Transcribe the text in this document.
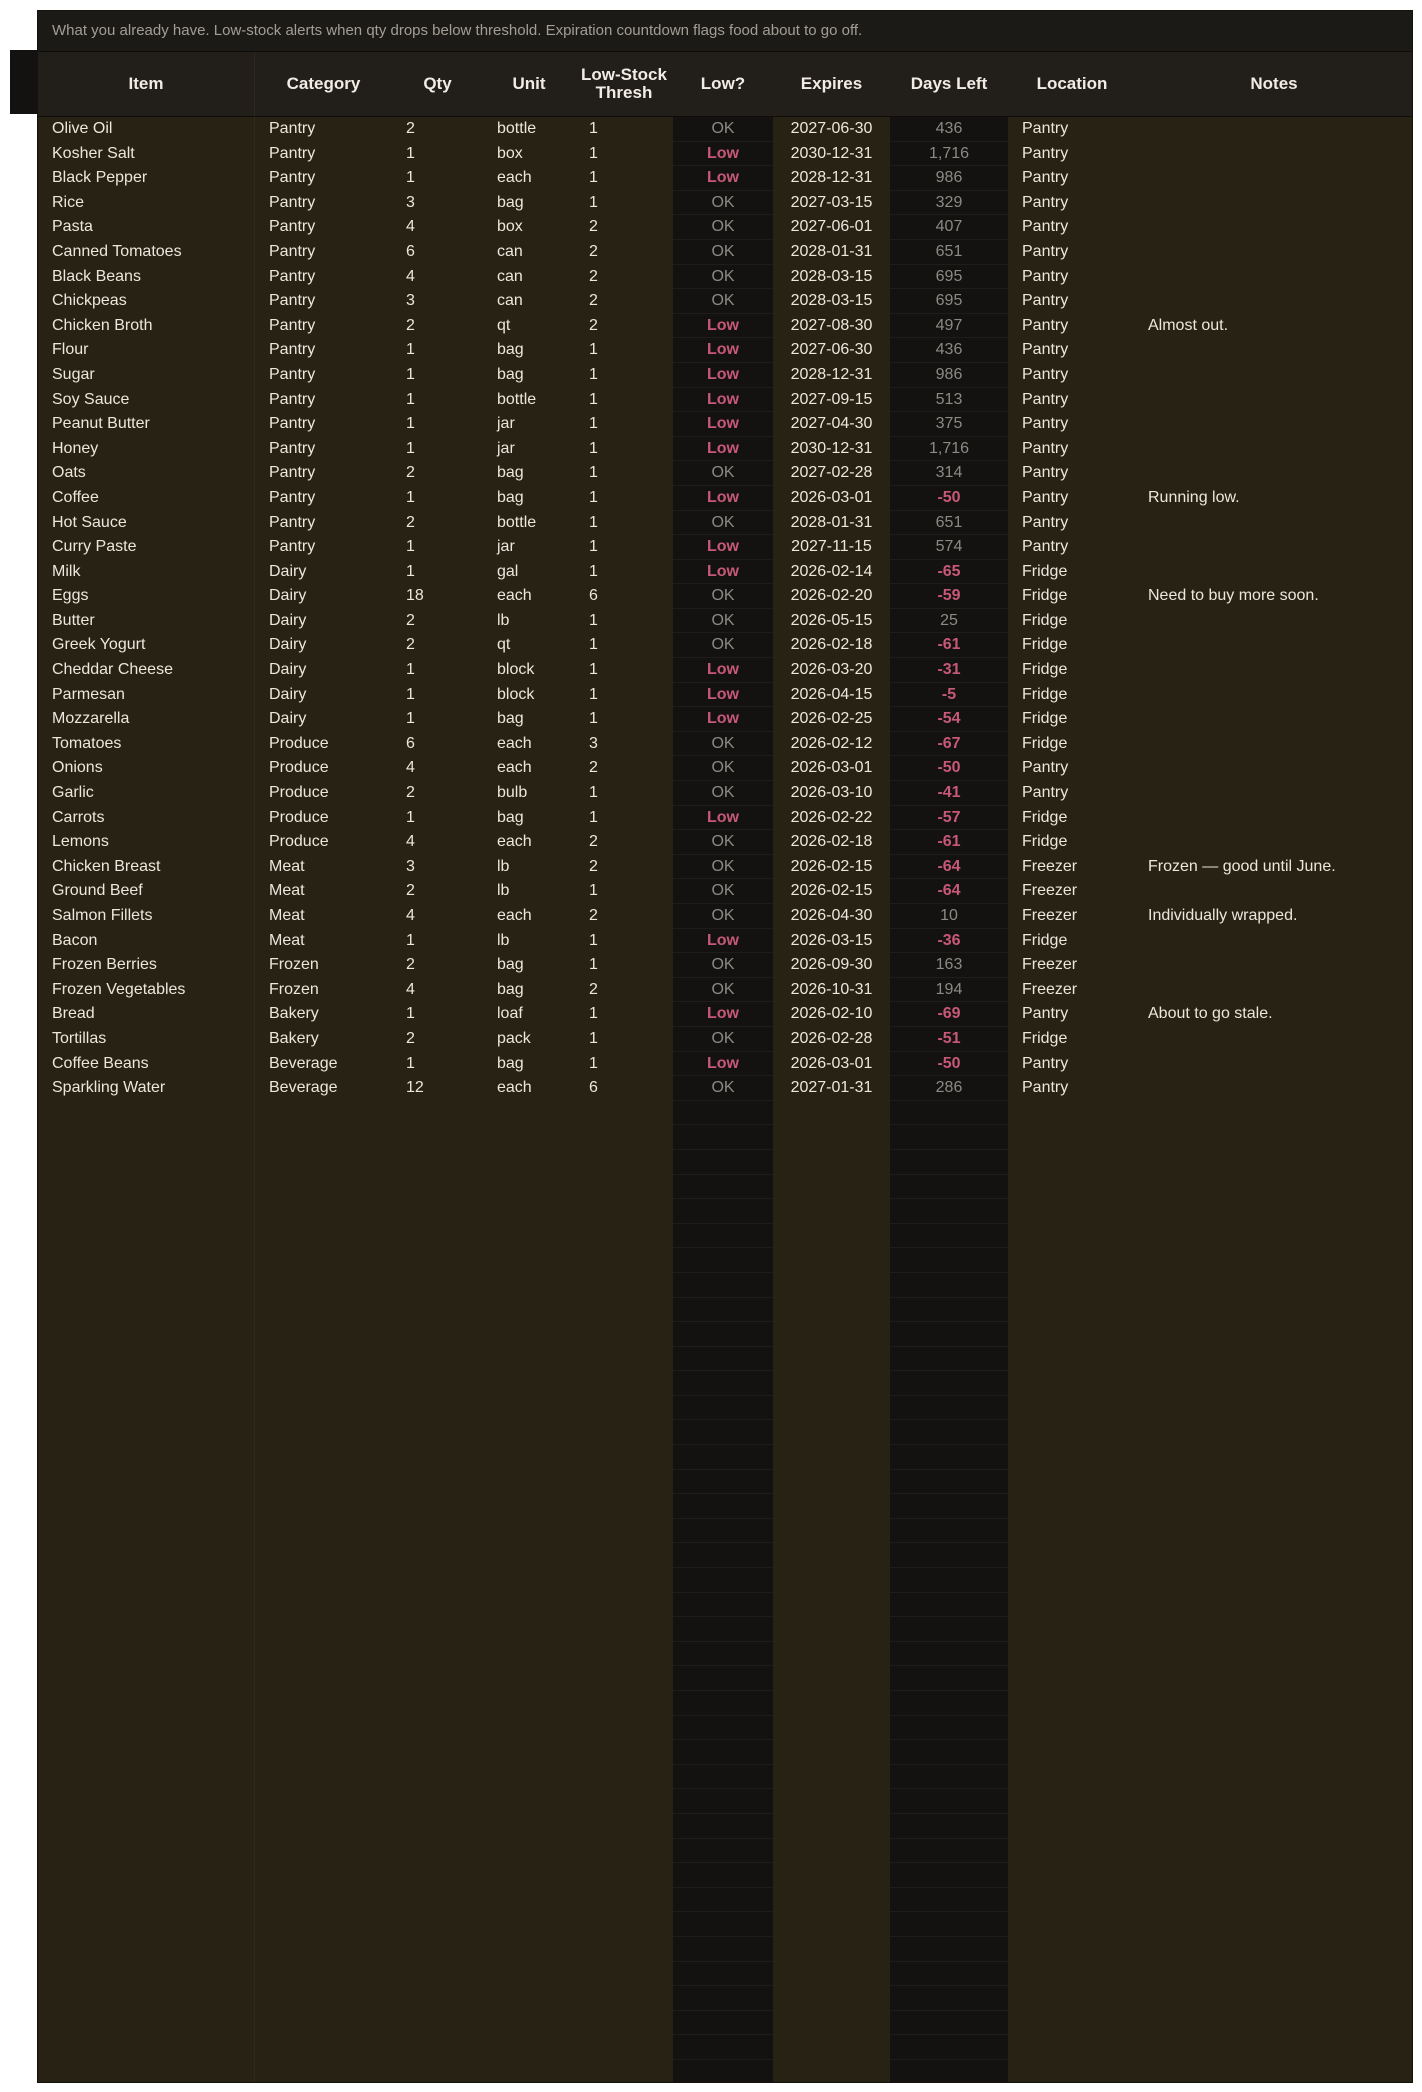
What you already have. Low-stock alerts when qty drops below threshold. Expiration countdown flags food about to go off.
Item	Category	Qty	Unit	Low-Stock Thresh	Low?	Expires	Days Left	Location	Notes
Olive Oil	Pantry	2	bottle	1	OK	2027-06-30	436	Pantry
Kosher Salt	Pantry	1	box	1	Low	2030-12-31	1,716	Pantry
Black Pepper	Pantry	1	each	1	Low	2028-12-31	986	Pantry
Rice	Pantry	3	bag	1	OK	2027-03-15	329	Pantry
Pasta	Pantry	4	box	2	OK	2027-06-01	407	Pantry
Canned Tomatoes	Pantry	6	can	2	OK	2028-01-31	651	Pantry
Black Beans	Pantry	4	can	2	OK	2028-03-15	695	Pantry
Chickpeas	Pantry	3	can	2	OK	2028-03-15	695	Pantry
Chicken Broth	Pantry	2	qt	2	Low	2027-08-30	497	Pantry	Almost out.
Flour	Pantry	1	bag	1	Low	2027-06-30	436	Pantry
Sugar	Pantry	1	bag	1	Low	2028-12-31	986	Pantry
Soy Sauce	Pantry	1	bottle	1	Low	2027-09-15	513	Pantry
Peanut Butter	Pantry	1	jar	1	Low	2027-04-30	375	Pantry
Honey	Pantry	1	jar	1	Low	2030-12-31	1,716	Pantry
Oats	Pantry	2	bag	1	OK	2027-02-28	314	Pantry
Coffee	Pantry	1	bag	1	Low	2026-03-01	-50	Pantry	Running low.
Hot Sauce	Pantry	2	bottle	1	OK	2028-01-31	651	Pantry
Curry Paste	Pantry	1	jar	1	Low	2027-11-15	574	Pantry
Milk	Dairy	1	gal	1	Low	2026-02-14	-65	Fridge
Eggs	Dairy	18	each	6	OK	2026-02-20	-59	Fridge	Need to buy more soon.
Butter	Dairy	2	lb	1	OK	2026-05-15	25	Fridge
Greek Yogurt	Dairy	2	qt	1	OK	2026-02-18	-61	Fridge
Cheddar Cheese	Dairy	1	block	1	Low	2026-03-20	-31	Fridge
Parmesan	Dairy	1	block	1	Low	2026-04-15	-5	Fridge
Mozzarella	Dairy	1	bag	1	Low	2026-02-25	-54	Fridge
Tomatoes	Produce	6	each	3	OK	2026-02-12	-67	Fridge
Onions	Produce	4	each	2	OK	2026-03-01	-50	Pantry
Garlic	Produce	2	bulb	1	OK	2026-03-10	-41	Pantry
Carrots	Produce	1	bag	1	Low	2026-02-22	-57	Fridge
Lemons	Produce	4	each	2	OK	2026-02-18	-61	Fridge
Chicken Breast	Meat	3	lb	2	OK	2026-02-15	-64	Freezer	Frozen — good until June.
Ground Beef	Meat	2	lb	1	OK	2026-02-15	-64	Freezer
Salmon Fillets	Meat	4	each	2	OK	2026-04-30	10	Freezer	Individually wrapped.
Bacon	Meat	1	lb	1	Low	2026-03-15	-36	Fridge
Frozen Berries	Frozen	2	bag	1	OK	2026-09-30	163	Freezer
Frozen Vegetables	Frozen	4	bag	2	OK	2026-10-31	194	Freezer
Bread	Bakery	1	loaf	1	Low	2026-02-10	-69	Pantry	About to go stale.
Tortillas	Bakery	2	pack	1	OK	2026-02-28	-51	Fridge
Coffee Beans	Beverage	1	bag	1	Low	2026-03-01	-50	Pantry
Sparkling Water	Beverage	12	each	6	OK	2027-01-31	286	Pantry
